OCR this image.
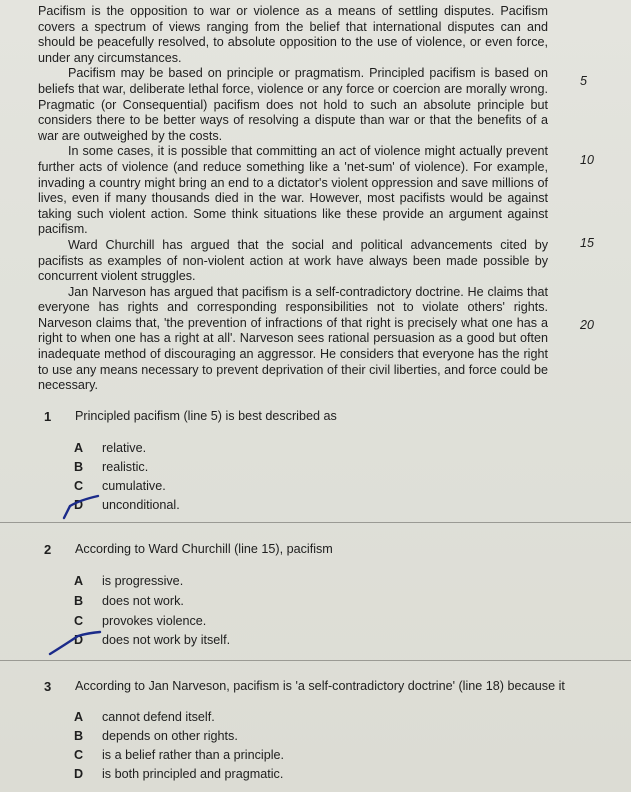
Pacifism is the opposition to war or violence as a means of settling disputes. Pacifism covers a spectrum of views ranging from the belief that international disputes can and should be peacefully resolved, to absolute opposition to the use of violence, or even force, under any circumstances.

Pacifism may be based on principle or pragmatism. Principled pacifism is based on beliefs that war, deliberate lethal force, violence or any force or coercion are morally wrong. Pragmatic (or Consequential) pacifism does not hold to such an absolute principle but considers there to be better ways of resolving a dispute than war or that the benefits of a war are outweighed by the costs.

In some cases, it is possible that committing an act of violence might actually prevent further acts of violence (and reduce something like a 'net-sum' of violence). For example, invading a country might bring an end to a dictator's violent oppression and save millions of lives, even if many thousands died in the war. However, most pacifists would be against taking such violent action. Some think situations like these provide an argument against pacifism.

Ward Churchill has argued that the social and political advancements cited by pacifists as examples of non-violent action at work have always been made possible by concurrent violent struggles.

Jan Narveson has argued that pacifism is a self-contradictory doctrine. He claims that everyone has rights and corresponding responsibilities not to violate others' rights. Narveson claims that, 'the prevention of infractions of that right is precisely what one has a right to when one has a right at all'. Narveson sees rational persuasion as a good but often inadequate method of discouraging an aggressor. He considers that everyone has the right to use any means necessary to prevent deprivation of their civil liberties, and force could be necessary.

5
10
15
20
1 Principled pacifism (line 5) is best described as
A	relative.
B	realistic.
C	cumulative.
D	unconditional.
2 According to Ward Churchill (line 15), pacifism
A	is progressive.
B	does not work.
C	provokes violence.
D	does not work by itself.
3 According to Jan Narveson, pacifism is 'a self-contradictory doctrine' (line 18) because it
A	cannot defend itself.
B	depends on other rights.
C	is a belief rather than a principle.
D	is both principled and pragmatic.
